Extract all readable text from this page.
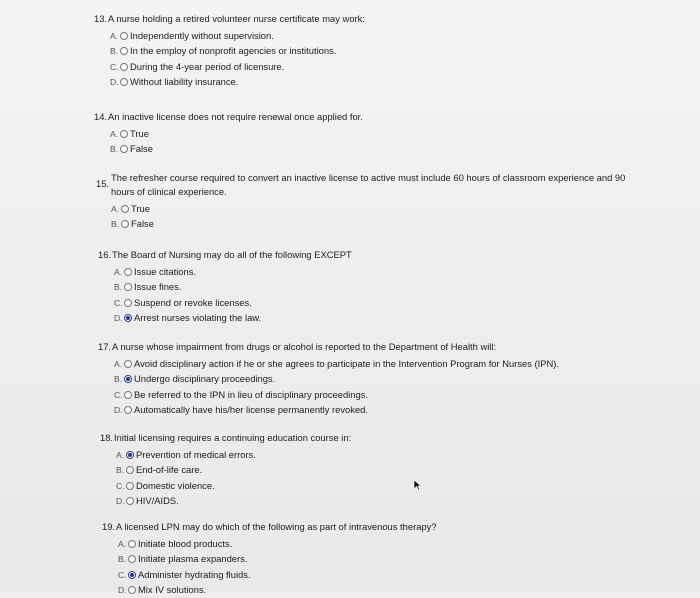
13.A nurse holding a retired volunteer nurse certificate may work:
A. Independently without supervision.
B. In the employ of nonprofit agencies or institutions.
C. During the 4-year period of licensure.
D. Without liability insurance.
14.An inactive license does not require renewal once applied for.
A. True
B. False
15.
The refresher course required to convert an inactive license to active must include 60 hours of classroom experience and 90
hours of clinical experience.
A. True
B. False
16.The Board of Nursing may do all of the following EXCEPT
A. Issue citations.
B. Issue fines.
C. Suspend or revoke licenses.
D. Arrest nurses violating the law.
17.A nurse whose impairment from drugs or alcohol is reported to the Department of Health will:
A. Avoid disciplinary action if he or she agrees to participate in the Intervention Program for Nurses (IPN).
B. Undergo disciplinary proceedings.
C. Be referred to the IPN in lieu of disciplinary proceedings.
D. Automatically have his/her license permanently revoked.
18.Initial licensing requires a continuing education course in:
A. Prevention of medical errors.
B. End-of-life care.
C. Domestic violence.
D. HIV/AIDS.
19.A licensed LPN may do which of the following as part of intravenous therapy?
A. Initiate blood products.
B. Initiate plasma expanders.
C. Administer hydrating fluids.
D. Mix IV solutions.
